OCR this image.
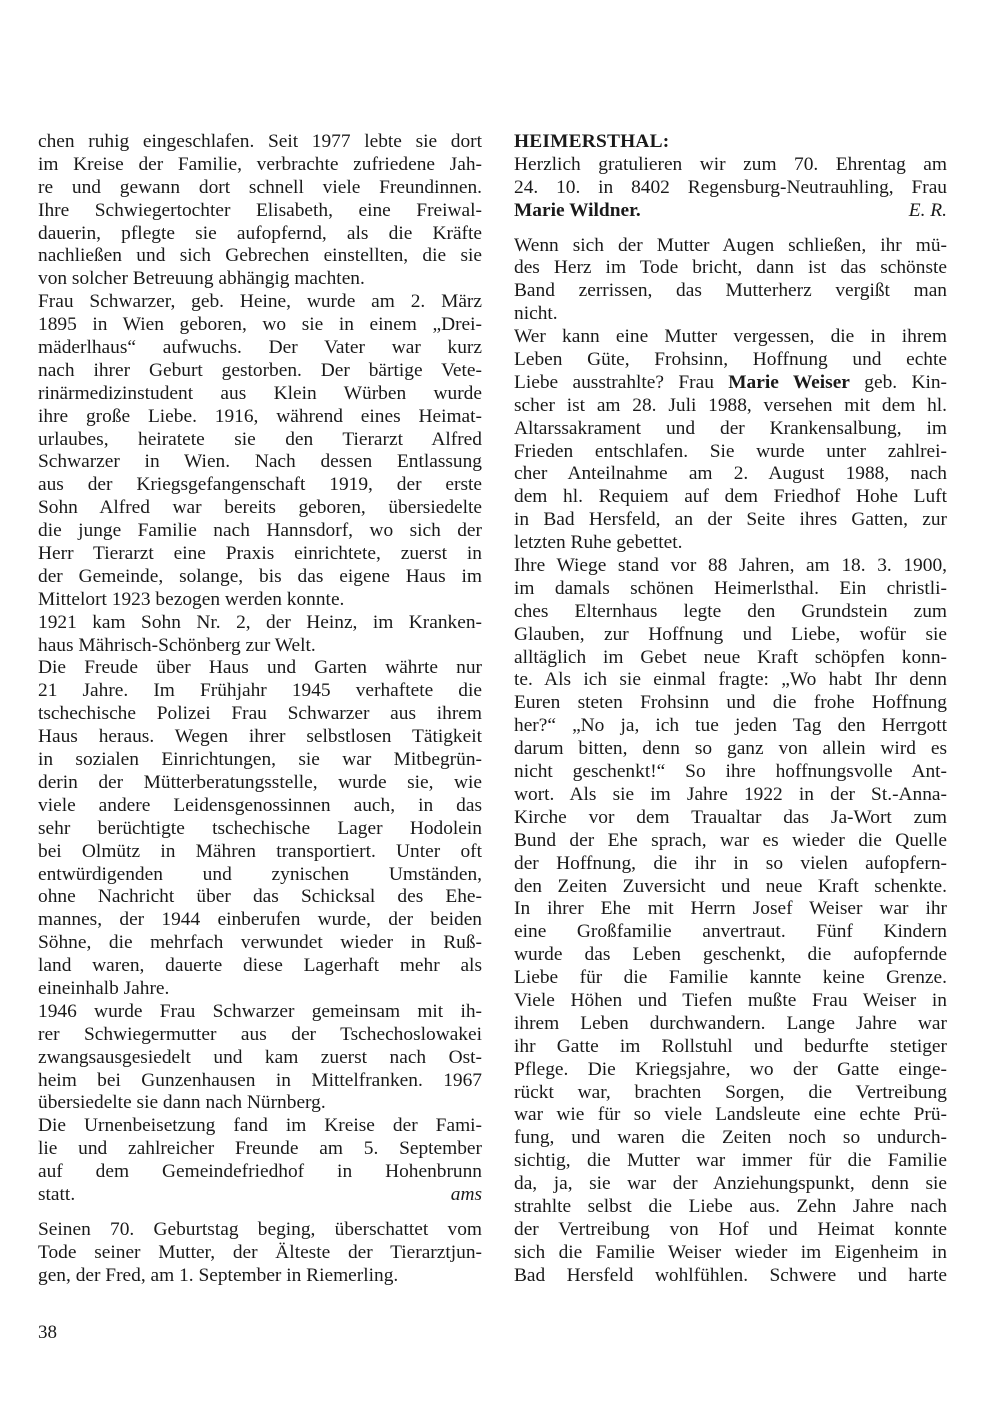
chen ruhig eingeschlafen. Seit 1977 lebte sie dort
im Kreise der Familie, verbrachte zufriedene Jah-
re und gewann dort schnell viele Freundinnen.
Ihre Schwiegertochter Elisabeth, eine Freiwal-
dauerin, pflegte sie aufopfernd, als die Kräfte
nachließen und sich Gebrechen einstellten, die sie
von solcher Betreuung abhängig machten.
Frau Schwarzer, geb. Heine, wurde am 2. März
1895 in Wien geboren, wo sie in einem „Drei-
mäderlhaus“ aufwuchs. Der Vater war kurz
nach ihrer Geburt gestorben. Der bärtige Vete-
rinärmedizinstudent aus Klein Würben wurde
ihre große Liebe. 1916, während eines Heimat-
urlaubes, heiratete sie den Tierarzt Alfred
Schwarzer in Wien. Nach dessen Entlassung
aus der Kriegsgefangenschaft 1919, der erste
Sohn Alfred war bereits geboren, übersiedelte
die junge Familie nach Hannsdorf, wo sich der
Herr Tierarzt eine Praxis einrichtete, zuerst in
der Gemeinde, solange, bis das eigene Haus im
Mittelort 1923 bezogen werden konnte.
1921 kam Sohn Nr. 2, der Heinz, im Kranken-
haus Mährisch-Schönberg zur Welt.
Die Freude über Haus und Garten währte nur
21 Jahre. Im Frühjahr 1945 verhaftete die
tschechische Polizei Frau Schwarzer aus ihrem
Haus heraus. Wegen ihrer selbstlosen Tätigkeit
in sozialen Einrichtungen, sie war Mitbegrün-
derin der Mütterberatungsstelle, wurde sie, wie
viele andere Leidensgenossinnen auch, in das
sehr berüchtigte tschechische Lager Hodolein
bei Olmütz in Mähren transportiert. Unter oft
entwürdigenden und zynischen Umständen,
ohne Nachricht über das Schicksal des Ehe-
mannes, der 1944 einberufen wurde, der beiden
Söhne, die mehrfach verwundet wieder in Ruß-
land waren, dauerte diese Lagerhaft mehr als
eineinhalb Jahre.
1946 wurde Frau Schwarzer gemeinsam mit ih-
rer Schwiegermutter aus der Tschechoslowakei
zwangsausgesiedelt und kam zuerst nach Ost-
heim bei Gunzenhausen in Mittelfranken. 1967
übersiedelte sie dann nach Nürnberg.
Die Urnenbeisetzung fand im Kreise der Fami-
lie und zahlreicher Freunde am 5. September
auf dem Gemeindefriedhof in Hohenbrunn
statt.	ams
Seinen 70. Geburtstag beging, überschattet vom
Tode seiner Mutter, der Älteste der Tierarztjun-
gen, der Fred, am 1. September in Riemerling.
HEIMERSTHAL:
Herzlich gratulieren wir zum 70. Ehrentag am
24. 10. in 8402 Regensburg-Neutrauhling, Frau
Marie Wildner.	E. R.
Wenn sich der Mutter Augen schließen, ihr mü-
des Herz im Tode bricht, dann ist das schönste
Band zerrissen, das Mutterherz vergißt man
nicht.
Wer kann eine Mutter vergessen, die in ihrem
Leben Güte, Frohsinn, Hoffnung und echte
Liebe ausstrahlte? Frau Marie Weiser geb. Kin-
scher ist am 28. Juli 1988, versehen mit dem hl.
Altarssakrament und der Krankensalbung, im
Frieden entschlafen. Sie wurde unter zahlrei-
cher Anteilnahme am 2. August 1988, nach
dem hl. Requiem auf dem Friedhof Hohe Luft
in Bad Hersfeld, an der Seite ihres Gatten, zur
letzten Ruhe gebettet.
Ihre Wiege stand vor 88 Jahren, am 18. 3. 1900,
im damals schönen Heimerlsthal. Ein christli-
ches Elternhaus legte den Grundstein zum
Glauben, zur Hoffnung und Liebe, wofür sie
alltäglich im Gebet neue Kraft schöpfen konn-
te. Als ich sie einmal fragte: „Wo habt Ihr denn
Euren steten Frohsinn und die frohe Hoffnung
her?“ „No ja, ich tue jeden Tag den Herrgott
darum bitten, denn so ganz von allein wird es
nicht geschenkt!“ So ihre hoffnungsvolle Ant-
wort. Als sie im Jahre 1922 in der St.-Anna-
Kirche vor dem Traualtar das Ja-Wort zum
Bund der Ehe sprach, war es wieder die Quelle
der Hoffnung, die ihr in so vielen aufopfern-
den Zeiten Zuversicht und neue Kraft schenkte.
In ihrer Ehe mit Herrn Josef Weiser war ihr
eine Großfamilie anvertraut. Fünf Kindern
wurde das Leben geschenkt, die aufopfernde
Liebe für die Familie kannte keine Grenze.
Viele Höhen und Tiefen mußte Frau Weiser in
ihrem Leben durchwandern. Lange Jahre war
ihr Gatte im Rollstuhl und bedurfte stetiger
Pflege. Die Kriegsjahre, wo der Gatte einge-
rückt war, brachten Sorgen, die Vertreibung
war wie für so viele Landsleute eine echte Prü-
fung, und waren die Zeiten noch so undurch-
sichtig, die Mutter war immer für die Familie
da, ja, sie war der Anziehungspunkt, denn sie
strahlte selbst die Liebe aus. Zehn Jahre nach
der Vertreibung von Hof und Heimat konnte
sich die Familie Weiser wieder im Eigenheim in
Bad Hersfeld wohlfühlen. Schwere und harte
38
